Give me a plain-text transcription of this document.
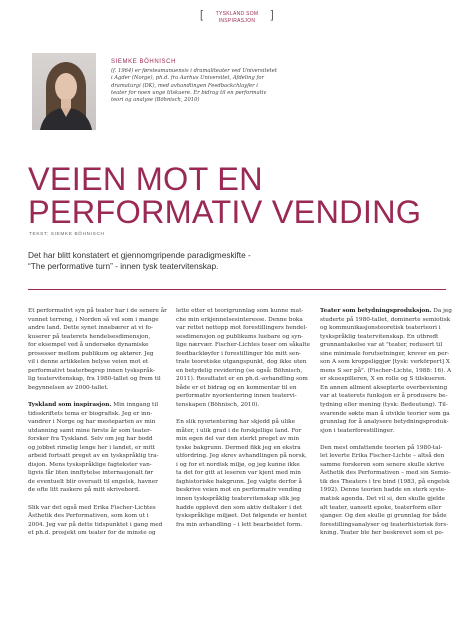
[	TYSKLAND SOM
INSPIRASJON	]
SIEMKE BÖHNISCH
(f. 1964) er førsteamanuensis i dramaliteater ved Universitetet
i Agder (Norge), ph.d. fra Aarhus Universitet, Afdeling for
dramaturgi (DK), med avhandlingen Feedbackchlayfer i
teater for noen unge tilskuere. Er bidrag til en performativ
teori og analyse (Böhnisch, 2010)
VEIEN MOT EN
PERFORMATIV VENDING
TEKST: SIEMKE BÖHNISCH

Det har blitt konstatert et gjennomgripende paradigmeskifte -
“The performative turn” - innen tysk teatervitenskap.

Et performativt syn på teater har i de senere år
vunnet terreng, i Norden så vel som i mange
andre land. Dette synet innebærer at vi fo-
kuserer på teaterets hendelsesdimensjon,
for eksempel ved å undersøke dynamiske
prosesser mellom publikum og aktører. Jeg
vil i denne artikkelen belyse veien mot et
performativt teaterbegrep innen tyskspråk-
lig teatervitenskap, fra 1980-tallet og frem til
begynnelsen av 2000-tallet.

Tyskland som inspirasjon. Min inngang til
tidsskriftets tema er biografisk. Jeg er inn-
vandrer i Norge og har mesteparten av min
utdanning samt mine første år som teater-
forsker fra Tyskland. Selv om jeg har bodd
og jobbet rimelig lenge her i landet, er mitt
arbeid fortsatt preget av en tyskspråklig tra-
disjon. Mens tyskspråklige fagtekster van-
ligvis får liten innflytelse internasjonalt før
de eventuelt blir oversatt til engelsk, havner
de ofte litt raskere på mitt skrivebord.

Slik var det også med Erika Fischer-Lichtes
Ästhetik des Performativen, som kom ut i
2004. Jeg var på dette tidspunktet i gang med
et ph.d. prosjekt om teater for de minste og

lette etter et teorigrunnlag som kunne mat-
che min erkjennelsesinteresse. Denne boka
var rettet nettopp mot forestillingers hendel-
sesdimensjon og publikums luebare og syn-
lige nærvær. Fischer-Lichtes teser om såkalte
feedbackløyfer i forestillinger ble mitt sen-
trale teoretiske utgangspunkt, dog ikke uten
en betydelig revidering (se også: Böhnisch,
2011). Resultatet er en ph.d.-avhandling som
både er et bidrag og en kommentar til en
performativ nyorientering innen teatervi-
tenskapen (Böhnisch, 2010).

En slik nyorientering har skjedd på ulike
måter, i ulik grad i de forskjellige land. For
min egen del var den sterkt preget av min
tyske bakgrunn. Dermed fikk jeg en ekstra
utfordring. Jeg skrev avhandlingen på norsk,
i og for et nordisk miljø, og jeg kunne ikke
ta det for gitt at leseren var kjent med min
faghistoriske bakgrunn. Jeg valgte derfor å
beskrive veien mot en performativ vending
innen tyskspråklig teatervitenskap slik jeg
hadde opplevd den som aktiv deltaker i det
tyskspråklige miljøet. Det følgende er hentet
fra min avhandling – i lett bearbeidet form.

Teater som betydningsproduksjon. Da jeg
studerte på 1980-tallet, dominerte semiotisk
og kommunikasjonsteoretisk teaterteori i
tyskspråklig teatervitenskap. En utbredt
grunnantakelse var at "teater, redusert til
sine minimale forutsetninger, krever en per-
son A som kroppsliggjør [tysk: verkörpert] X
mens S ser på". (Fischer-Lichte, 1988: 16). A
er skuespilleren, X en rolle og S tilskueren.
En annen allment aksepterte overbevisning
var at teaterets funksjon er å produsere be-
tydning eller mening (tysk: Bedeutung). Til-
svarende søkte man å utvikle teorier som ga
grunnlag for å analysere betydningsproduk-
sjon i teaterforestillinger.

Den mest omfattende teorien på 1980-tal-
let leverte Erika Fischer-Lichte – altså den
samme forskeren som senere skulle skrive
Ästhetik des Performativen – med sin Semio-
tik des Theaters i tre bind (1983, på engelsk
1992). Denne teorien hadde en sterk syste-
matisk agenda. Det vil si, den skulle gjelde
alt teater, uansett epoke, teaterform eller
sjanger. Og den skulle gi grunnlag for både
forestillingsanalyser og teaterhistorisk fors-
kning. Teater ble her beskrevet som et po-
